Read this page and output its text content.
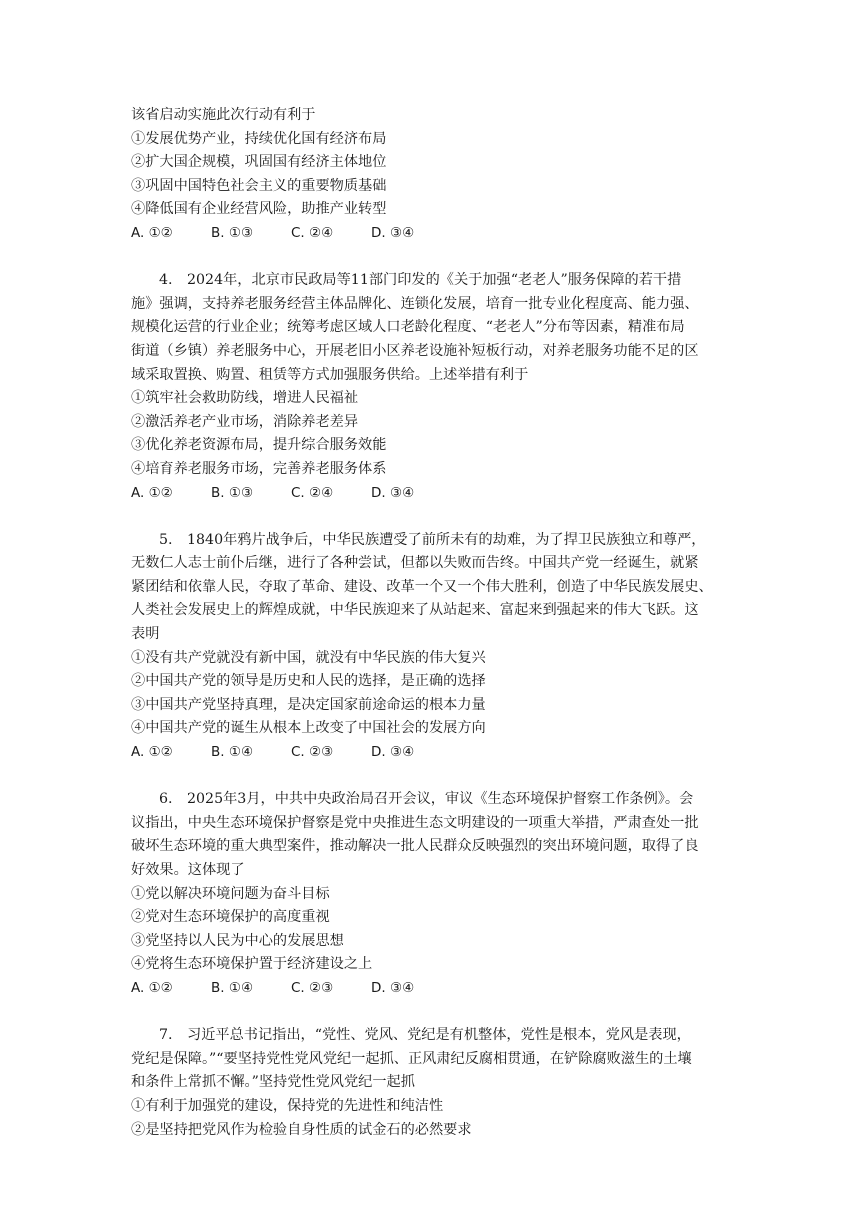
该省启动实施此次行动有利于

①发展优势产业，持续优化国有经济布局

②扩大国企规模，巩固国有经济主体地位

③巩固中国特色社会主义的重要物质基础

④降低国有企业经营风险，助推产业转型

A. ①②	B. ①③	C. ②④	D. ③④

4. 2024年，北京市民政局等11部门印发的《关于加强“老老人”服务保障的若干措

施》强调，支持养老服务经营主体品牌化、连锁化发展，培育一批专业化程度高、能力强、

规模化运营的行业企业；统筹考虑区域人口老龄化程度、“老老人”分布等因素，精准布局

街道（乡镇）养老服务中心，开展老旧小区养老设施补短板行动，对养老服务功能不足的区

域采取置换、购置、租赁等方式加强服务供给。上述举措有利于

①筑牢社会救助防线，增进人民福祉

②激活养老产业市场，消除养老差异

③优化养老资源布局，提升综合服务效能

④培育养老服务市场，完善养老服务体系

A. ①②	B. ①③	C. ②④	D. ③④

5. 1840年鸦片战争后，中华民族遭受了前所未有的劫难，为了捍卫民族独立和尊严，

无数仁人志士前仆后继，进行了各种尝试，但都以失败而告终。中国共产党一经诞生，就紧

紧团结和依靠人民，夺取了革命、建设、改革一个又一个伟大胜利，创造了中华民族发展史、

人类社会发展史上的辉煌成就，中华民族迎来了从站起来、富起来到强起来的伟大飞跃。这

表明

①没有共产党就没有新中国，就没有中华民族的伟大复兴

②中国共产党的领导是历史和人民的选择，是正确的选择

③中国共产党坚持真理，是决定国家前途命运的根本力量

④中国共产党的诞生从根本上改变了中国社会的发展方向

A. ①②	B. ①④	C. ②③	D. ③④

6. 2025年3月，中共中央政治局召开会议，审议《生态环境保护督察工作条例》。会

议指出，中央生态环境保护督察是党中央推进生态文明建设的一项重大举措，严肃查处一批

破坏生态环境的重大典型案件，推动解决一批人民群众反映强烈的突出环境问题，取得了良

好效果。这体现了

①党以解决环境问题为奋斗目标

②党对生态环境保护的高度重视

③党坚持以人民为中心的发展思想

④党将生态环境保护置于经济建设之上

A. ①②	B. ①④	C. ②③	D. ③④

7. 习近平总书记指出，“党性、党风、党纪是有机整体，党性是根本，党风是表现，

党纪是保障。”“要坚持党性党风党纪一起抓、正风肃纪反腐相贯通，在铲除腐败滋生的土壤

和条件上常抓不懈。”坚持党性党风党纪一起抓

①有利于加强党的建设，保持党的先进性和纯洁性

②是坚持把党风作为检验自身性质的试金石的必然要求
